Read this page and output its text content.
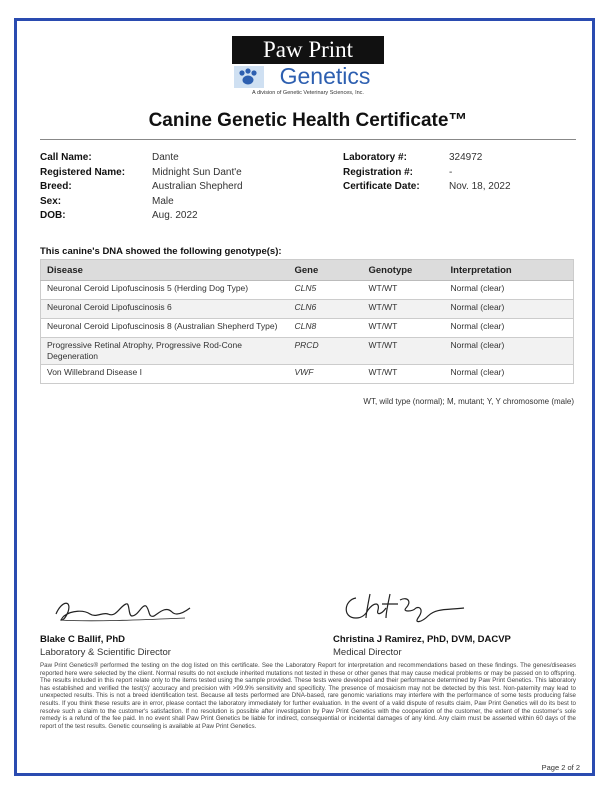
Paw Print
Genetics
A division of Genetic Veterinary Sciences, Inc.
Canine Genetic Health Certificate™
Call Name:	Dante
Registered Name:	Midnight Sun Dant'e
Breed:	Australian Shepherd
Sex:	Male
DOB:	Aug. 2022
Laboratory #:	324972
Registration #:	-
Certificate Date:	Nov. 18, 2022
This canine's DNA showed the following genotype(s):
Disease	Gene	Genotype	Interpretation
Neuronal Ceroid Lipofuscinosis 5 (Herding Dog Type)	CLN5	WT/WT	Normal (clear)
Neuronal Ceroid Lipofuscinosis 6	CLN6	WT/WT	Normal (clear)
Neuronal Ceroid Lipofuscinosis 8 (Australian Shepherd Type)	CLN8	WT/WT	Normal (clear)
Progressive Retinal Atrophy, Progressive Rod-Cone Degeneration	PRCD	WT/WT	Normal (clear)
Von Willebrand Disease I	VWF	WT/WT	Normal (clear)
WT, wild type (normal); M, mutant; Y, Y chromosome (male)
Blake C Ballif, PhD
Laboratory & Scientific Director
Christina J Ramirez, PhD, DVM, DACVP
Medical Director
Paw Print Genetics® performed the testing on the dog listed on this certificate. See the Laboratory Report for interpretation and recommendations based on these findings. The genes/diseases reported here were selected by the client. Normal results do not exclude inherited mutations not tested in these or other genes that may cause medical problems or may be passed on to offspring. The results included in this report relate only to the items tested using the sample provided. These tests were developed and their performance determined by Paw Print Genetics. This laboratory has established and verified the test(s)' accuracy and precision with >99.9% sensitivity and specificity. The presence of mosaicism may not be detected by this test. Non-paternity may lead to unexpected results. This is not a breed identification test. Because all tests performed are DNA-based, rare genomic variations may interfere with the performance of some tests producing false results. If you think these results are in error, please contact the laboratory immediately for further evaluation. In the event of a valid dispute of results claim, Paw Print Genetics will do its best to resolve such a claim to the customer's satisfaction. If no resolution is possible after investigation by Paw Print Genetics with the cooperation of the customer, the extent of the customer's sole remedy is a refund of the fee paid. In no event shall Paw Print Genetics be liable for indirect, consequential or incidental damages of any kind. Any claim must be asserted within 60 days of the report of the test results. Genetic counseling is available at Paw Print Genetics.
Page 2 of 2
